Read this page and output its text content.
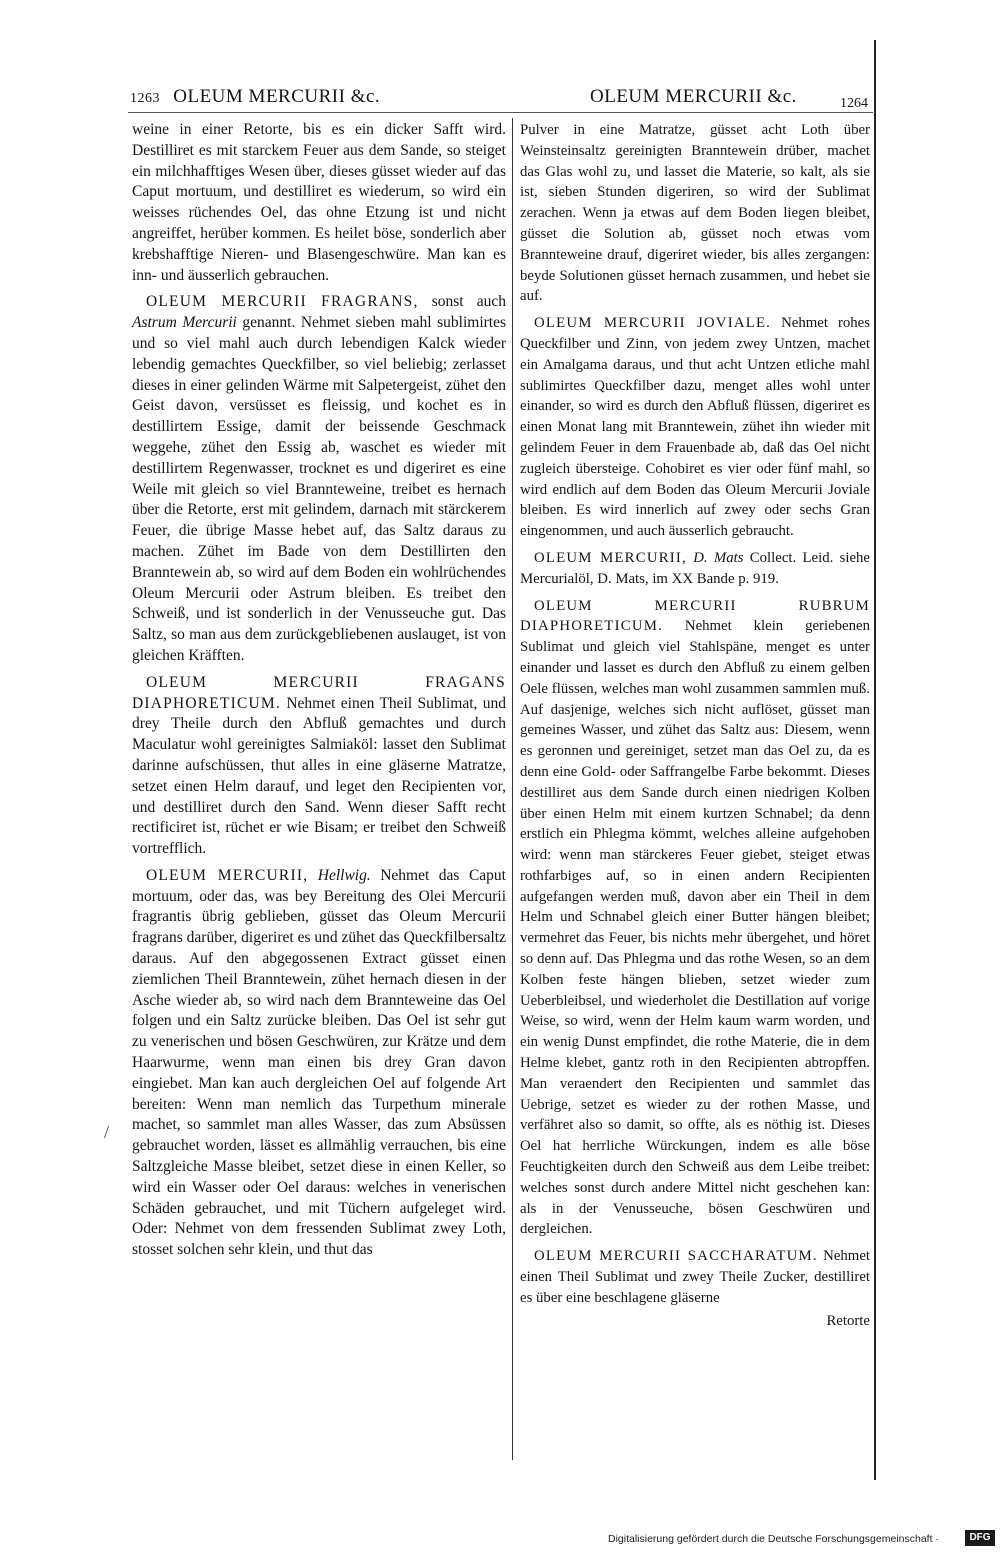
1263 OLEUM MERCURII &c.	OLEUM MERCURII &c.	1264

weine in einer Retorte, bis es ein dicker Safft wird. Destilliret es mit starckem Feuer aus dem Sande, so steiget ein milchhafftiges Wesen über, dieses güsset wieder auf das Caput mortuum, und destilliret es wiederum, so wird ein weisses rüchendes Oel, das ohne Etzung ist und nicht angreiffet, herüber kommen. Es heilet böse, sonderlich aber krebshafftige Nieren- und Blasengeschwüre. Man kan es inn- und äusserlich gebrauchen.

OLEUM MERCURII FRAGRANS, sonst auch Astrum Mercurii genannt. Nehmet sieben mahl sublimirtes und so viel mahl auch durch lebendigen Kalck wieder lebendig gemachtes Queckfilber, so viel beliebig; zerlasset dieses in einer gelinden Wärme mit Salpetergeist, zühet den Geist davon, versüsset es fleissig, und kochet es in destillirtem Essige, damit der beissende Geschmack weggehe, zühet den Essig ab, waschet es wieder mit destillirtem Regenwasser, trocknet es und digeriret es eine Weile mit gleich so viel Brannteweine, treibet es hernach über die Retorte, erst mit gelindem, darnach mit stärckerem Feuer, die übrige Masse hebet auf, das Saltz daraus zu machen. Zühet im Bade von dem Destillirten den Branntewein ab, so wird auf dem Boden ein wohlrüchendes Oleum Mercurii oder Astrum bleiben. Es treibet den Schweiß, und ist sonderlich in der Venusseuche gut. Das Saltz, so man aus dem zurückgebliebenen auslauget, ist von gleichen Kräfften.

OLEUM MERCURII FRAGANS DIAPHORETICUM. Nehmet einen Theil Sublimat, und drey Theile durch den Abfluß gemachtes und durch Maculatur wohl gereinigtes Salmiaköl: lasset den Sublimat darinne aufschüssen, thut alles in eine gläserne Matratze, setzet einen Helm darauf, und leget den Recipienten vor, und destilliret durch den Sand. Wenn dieser Safft recht rectificiret ist, rüchet er wie Bisam; er treibet den Schweiß vortrefflich.

OLEUM MERCURII, Hellwig. Nehmet das Caput mortuum, oder das, was bey Bereitung des Olei Mercurii fragrantis übrig geblieben, güsset das Oleum Mercurii fragrans darüber, digeriret es und zühet das Queckfilbersaltz daraus. Auf den abgegossenen Extract güsset einen ziemlichen Theil Branntewein, zühet hernach diesen in der Asche wieder ab, so wird nach dem Brannteweine das Oel folgen und ein Saltz zurücke bleiben. Das Oel ist sehr gut zu venerischen und bösen Geschwüren, zur Krätze und dem Haarwurme, wenn man einen bis drey Gran davon eingiebet. Man kan auch dergleichen Oel auf folgende Art bereiten: Wenn man nemlich das Turpethum minerale machet, so sammlet man alles Wasser, das zum Absüssen gebrauchet worden, lässet es allmählig verrauchen, bis eine Saltzgleiche Masse bleibet, setzet diese in einen Keller, so wird ein Wasser oder Oel daraus: welches in venerischen Schäden gebrauchet, und mit Tüchern aufgeleget wird. Oder: Nehmet von dem fressenden Sublimat zwey Loth, stosset solchen sehr klein, und thut das

/

Pulver in eine Matratze, güsset acht Loth über Weinsteinsaltz gereinigten Branntewein drüber, machet das Glas wohl zu, und lasset die Materie, so kalt, als sie ist, sieben Stunden digeriren, so wird der Sublimat zerachen. Wenn ja etwas auf dem Boden liegen bleibet, güsset die Solution ab, güsset noch etwas vom Brannteweine drauf, digeriret wieder, bis alles zergangen: beyde Solutionen güsset hernach zusammen, und hebet sie auf.

OLEUM MERCURII JOVIALE. Nehmet rohes Queckfilber und Zinn, von jedem zwey Untzen, machet ein Amalgama daraus, und thut acht Untzen etliche mahl sublimirtes Queckfilber dazu, menget alles wohl unter einander, so wird es durch den Abfluß flüssen, digeriret es einen Monat lang mit Branntewein, zühet ihn wieder mit gelindem Feuer in dem Frauenbade ab, daß das Oel nicht zugleich übersteige. Cohobiret es vier oder fünf mahl, so wird endlich auf dem Boden das Oleum Mercurii Joviale bleiben. Es wird innerlich auf zwey oder sechs Gran eingenommen, und auch äusserlich gebraucht.

OLEUM MERCURII, D. Mats Collect. Leid. siehe Mercurialöl, D. Mats, im XX Bande p. 919.

OLEUM MERCURII RUBRUM DIAPHORETICUM. Nehmet klein geriebenen Sublimat und gleich viel Stahlspäne, menget es unter einander und lasset es durch den Abfluß zu einem gelben Oele flüssen, welches man wohl zusammen sammlen muß. Auf dasjenige, welches sich nicht auflöset, güsset man gemeines Wasser, und zühet das Saltz aus: Diesem, wenn es geronnen und gereiniget, setzet man das Oel zu, da es denn eine Gold- oder Saffrangelbe Farbe bekommt. Dieses destilliret aus dem Sande durch einen niedrigen Kolben über einen Helm mit einem kurtzen Schnabel; da denn erstlich ein Phlegma kömmt, welches alleine aufgehoben wird: wenn man stärckeres Feuer giebet, steiget etwas rothfarbiges auf, so in einen andern Recipienten aufgefangen werden muß, davon aber ein Theil in dem Helm und Schnabel gleich einer Butter hängen bleibet; vermehret das Feuer, bis nichts mehr übergehet, und höret so denn auf. Das Phlegma und das rothe Wesen, so an dem Kolben feste hängen blieben, setzet wieder zum Ueberbleibsel, und wiederholet die Destillation auf vorige Weise, so wird, wenn der Helm kaum warm worden, und ein wenig Dunst empfindet, die rothe Materie, die in dem Helme klebet, gantz roth in den Recipienten abtropffen. Man veraendert den Recipienten und sammlet das Uebrige, setzet es wieder zu der rothen Masse, und verfähret also so damit, so offte, als es nöthig ist. Dieses Oel hat herrliche Würckungen, indem es alle böse Feuchtigkeiten durch den Schweiß aus dem Leibe treibet: welches sonst durch andere Mittel nicht geschehen kan: als in der Venusseuche, bösen Geschwüren und dergleichen.

OLEUM MERCURII SACCHARATUM. Nehmet einen Theil Sublimat und zwey Theile Zucker, destilliret es über eine beschlagene gläserne

Retorte

Digitalisierung gefördert durch die Deutsche Forschungsgemeinschaft ·	DFG
